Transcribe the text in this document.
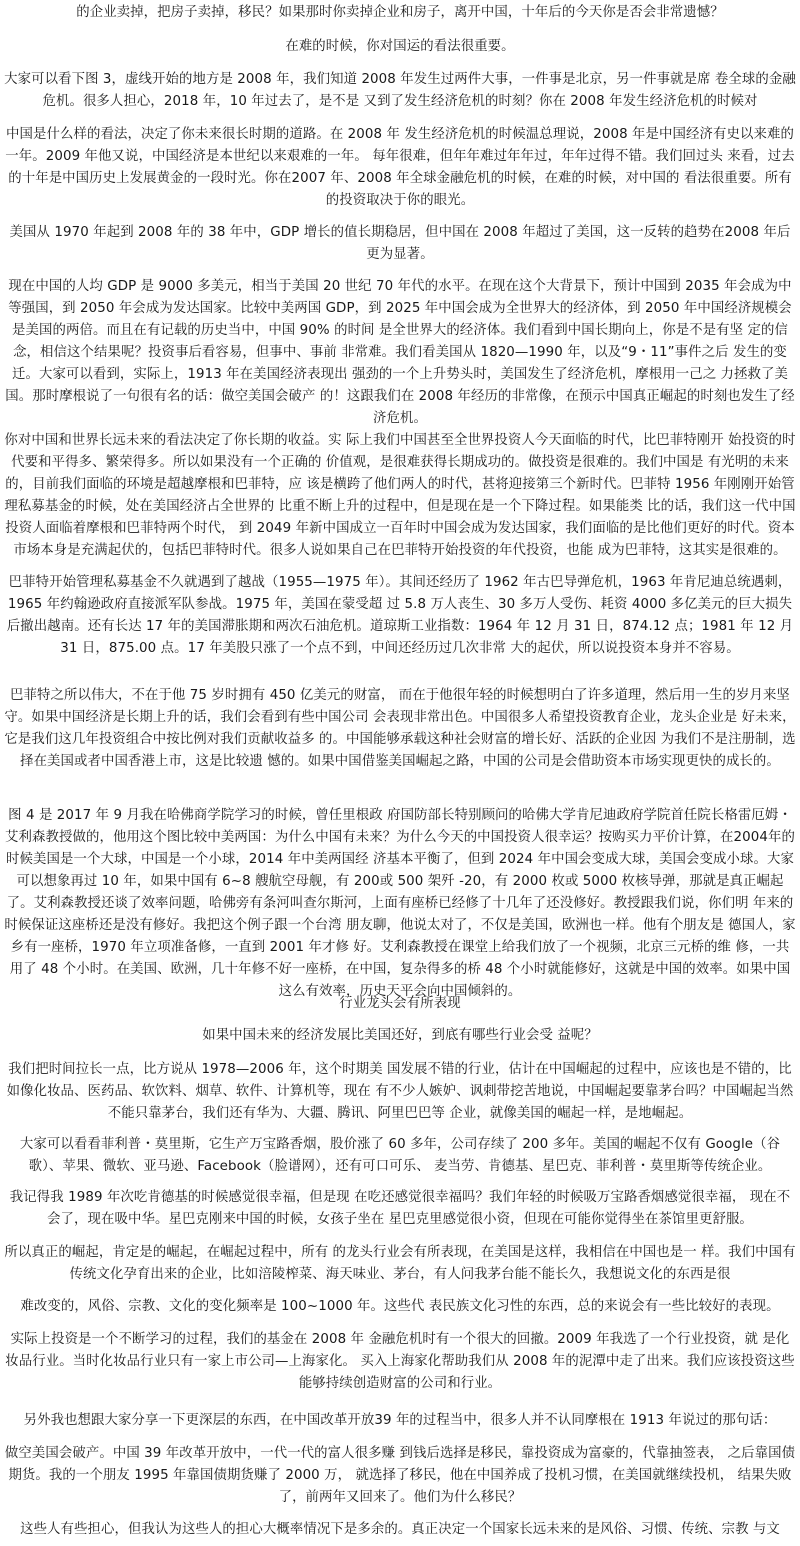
的企业卖掉，把房子卖掉，移民？如果那时你卖掉企业和房子，离开中国，十年后的今天你是否会非常遗憾？

在难的时候，你对国运的看法很重要。

大家可以看下图 3，虚线开始的地方是 2008 年，我们知道 2008 年发生过两件大事，一件事是北京，另一件事就是席 卷全球的金融危机。很多人担心，2018 年，10 年过去了，是不是 又到了发生经济危机的时刻？你在 2008 年发生经济危机的时候对

中国是什么样的看法，决定了你未来很长时期的道路。在 2008 年 发生经济危机的时候温总理说，2008 年是中国经济有史以来难的一年。2009 年他又说，中国经济是本世纪以来艰难的一年。 每年很难，但年年难过年年过，年年过得不错。我们回过头 来看，过去的十年是中国历史上发展黄金的一段时光。你在2007 年、2008 年全球金融危机的时候，在难的时候，对中国的 看法很重要。所有的投资取决于你的眼光。

美国从 1970 年起到 2008 年的 38 年中，GDP 增长的值长期稳居，但中国在 2008 年超过了美国，这一反转的趋势在2008 年后更为显著。

现在中国的人均 GDP 是 9000 多美元，相当于美国 20 世纪 70 年代的水平。在现在这个大背景下，预计中国到 2035 年会成为中等强国，到 2050 年会成为发达国家。比较中美两国 GDP，到 2025 年中国会成为全世界大的经济体，到 2050 年中国经济规模会是美国的两倍。而且在有记载的历史当中，中国 90% 的时间 是全世界大的经济体。我们看到中国长期向上，你是不是有坚 定的信念，相信这个结果呢？投资事后看容易，但事中、事前 非常难。我们看美国从 1820—1990 年，以及“9・11”事件之后 发生的变迁。大家可以看到，实际上，1913 年在美国经济表现出 强劲的一个上升势头时，美国发生了经济危机，摩根用一己之 力拯救了美国。那时摩根说了一句很有名的话：做空美国会破产 的！这跟我们在 2008 年经历的非常像，在预示中国真正崛起的时刻也发生了经济危机。

你对中国和世界长远未来的看法决定了你长期的收益。实 际上我们中国甚至全世界投资人今天面临的时代，比巴菲特刚开 始投资的时代要和平得多、繁荣得多。所以如果没有一个正确的 价值观，是很难获得长期成功的。做投资是很难的。我们中国是 有光明的未来的，目前我们面临的环境是超越摩根和巴菲特，应 该是横跨了他们两人的时代，甚将迎接第三个新时代。巴菲特 1956 年刚刚开始管理私募基金的时候，处在美国经济占全世界的 比重不断上升的过程中，但是现在是一个下降过程。如果能类 比的话，我们这一代中国投资人面临着摩根和巴菲特两个时代， 到 2049 年新中国成立一百年时中国会成为发达国家，我们面临的是比他们更好的时代。资本市场本身是充满起伏的，包括巴菲特时代。很多人说如果自己在巴菲特开始投资的年代投资，也能 成为巴菲特，这其实是很难的。

巴菲特开始管理私募基金不久就遇到了越战（1955—1975 年）。其间还经历了 1962 年古巴导弹危机，1963 年肯尼迪总统遇刺，1965 年约翰逊政府直接派军队参战。1975 年，美国在蒙受超 过 5.8 万人丧生、30 多万人受伤、耗资 4000 多亿美元的巨大损失后撤出越南。还有长达 17 年的美国滞胀期和两次石油危机。道琼斯工业指数：1964 年 12 月 31 日，874.12 点；1981 年 12 月 31 日，875.00 点。17 年美股只涨了一个点不到，中间还经历过几次非常 大的起伏，所以说投资本身并不容易。

巴菲特之所以伟大，不在于他 75 岁时拥有 450 亿美元的财富， 而在于他很年轻的时候想明白了许多道理，然后用一生的岁月来坚守。如果中国经济是长期上升的话，我们会看到有些中国公司 会表现非常出色。中国很多人希望投资教育企业，龙头企业是 好未来，它是我们这几年投资组合中按比例对我们贡献收益多 的。中国能够承载这种社会财富的增长好、活跃的企业因 为我们不是注册制，选择在美国或者中国香港上市，这是比较遗 憾的。如果中国借鉴美国崛起之路，中国的公司是会借助资本市场实现更快的成长的。

图 4 是 2017 年 9 月我在哈佛商学院学习的时候，曾任里根政 府国防部长特别顾问的哈佛大学肯尼迪政府学院首任院长格雷厄姆・艾利森教授做的，他用这个图比较中美两国：为什么中国有未来？为什么今天的中国投资人很幸运？按购买力平价计算，在2004年的时候美国是一个大球，中国是一个小球，2014 年中美两国经 济基本平衡了，但到 2024 年中国会变成大球，美国会变成小球。大家可以想象再过 10 年，如果中国有 6~8 艘航空母舰，有 200或 500 架歼 -20，有 2000 枚或 5000 枚核导弹，那就是真正崛起了。艾利森教授还谈了效率问题，哈佛旁有条河叫查尔斯河，上面有座桥已经修了十几年了还没修好。教授跟我们说，你们明 年来的时候保证这座桥还是没有修好。我把这个例子跟一个台湾 朋友聊，他说太对了，不仅是美国，欧洲也一样。他有个朋友是 德国人，家乡有一座桥，1970 年立项准备修，一直到 2001 年才修 好。艾利森教授在课堂上给我们放了一个视频，北京三元桥的维 修，一共用了 48 个小时。在美国、欧洲，几十年修不好一座桥，在中国，复杂得多的桥 48 个小时就能修好，这就是中国的效率。如果中国这么有效率，历史天平会向中国倾斜的。

行业龙头会有所表现

如果中国未来的经济发展比美国还好，到底有哪些行业会受 益呢？

我们把时间拉长一点，比方说从 1978—2006 年，这个时期美 国发展不错的行业，估计在中国崛起的过程中，应该也是不错的，比如像化妆品、医药品、软饮料、烟草、软件、计算机等，现在 有不少人嫉妒、讽刺带挖苦地说，中国崛起要靠茅台吗？中国崛起当然不能只靠茅台，我们还有华为、大疆、腾讯、阿里巴巴等 企业，就像美国的崛起一样，是地崛起。

大家可以看看菲利普・莫里斯，它生产万宝路香烟，股价涨了 60 多年，公司存续了 200 多年。美国的崛起不仅有 Google（谷歌）、苹果、微软、亚马逊、Facebook（脸谱网），还有可口可乐、 麦当劳、肯德基、星巴克、菲利普・莫里斯等传统企业。

我记得我 1989 年次吃肯德基的时候感觉很幸福，但是现 在吃还感觉很幸福吗？我们年轻的时候吸万宝路香烟感觉很幸福， 现在不会了，现在吸中华。星巴克刚来中国的时候，女孩子坐在 星巴克里感觉很小资，但现在可能你觉得坐在茶馆里更舒服。

所以真正的崛起，肯定是的崛起，在崛起过程中，所有 的龙头行业会有所表现，在美国是这样，我相信在中国也是一 样。我们中国有传统文化孕育出来的企业，比如涪陵榨菜、海天味业、茅台，有人问我茅台能不能长久，我想说文化的东西是很

难改变的，风俗、宗教、文化的变化频率是 100~1000 年。这些代 表民族文化习性的东西，总的来说会有一些比较好的表现。

实际上投资是一个不断学习的过程，我们的基金在 2008 年 金融危机时有一个很大的回撤。2009 年我选了一个行业投资，就 是化妆品行业。当时化妆品行业只有一家上市公司—上海家化。 买入上海家化帮助我们从 2008 年的泥潭中走了出来。我们应该投资这些能够持续创造财富的公司和行业。

另外我也想跟大家分享一下更深层的东西，在中国改革开放39 年的过程当中，很多人并不认同摩根在 1913 年说过的那句话：

做空美国会破产。中国 39 年改革开放中，一代一代的富人很多赚 到钱后选择是移民，靠投资成为富豪的，代靠抽签表， 之后靠国债期货。我的一个朋友 1995 年靠国债期货赚了 2000 万， 就选择了移民，他在中国养成了投机习惯，在美国就继续投机， 结果失败了，前两年又回来了。他们为什么移民？

这些人有些担心，但我认为这些人的担心大概率情况下是多余的。真正决定一个国家长远未来的是风俗、习惯、传统、宗教 与文
